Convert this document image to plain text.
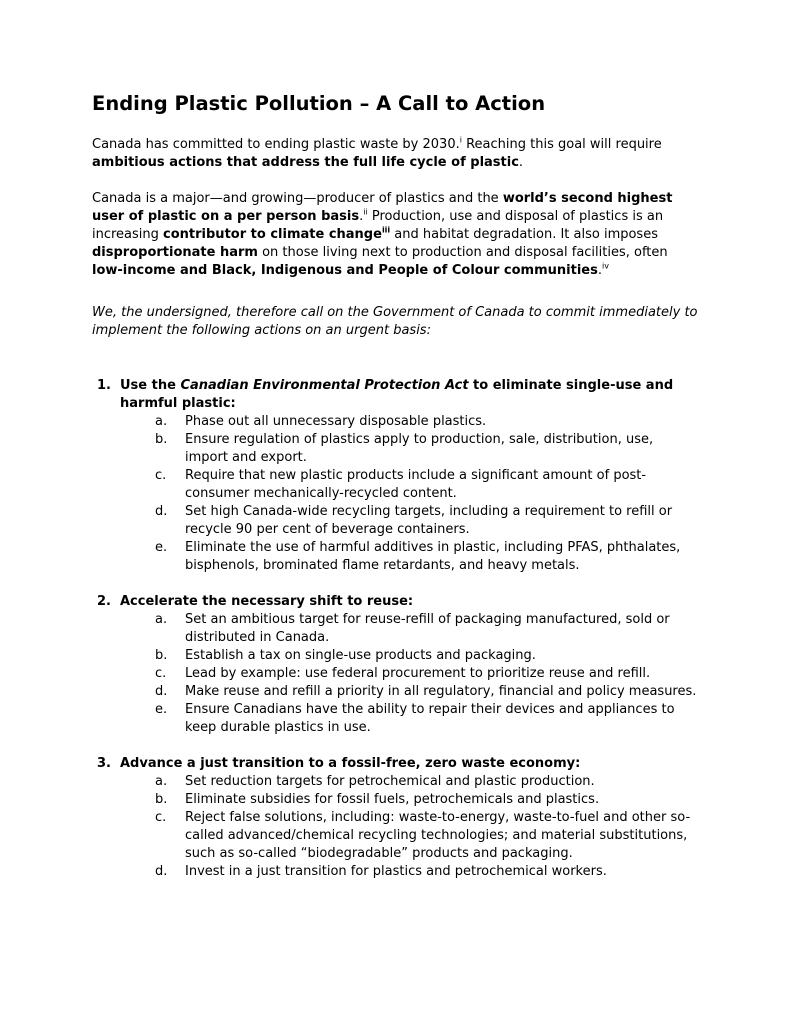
Ending Plastic Pollution – A Call to Action

Canada has committed to ending plastic waste by 2030.$^i$ Reaching this goal will require ambitious actions that address the full life cycle of plastic.

Canada is a major—and growing—producer of plastics and the world’s second highest user of plastic on a per person basis.$^{ii}$ Production, use and disposal of plastics is an increasing contributor to climate change$^{iii}$ and habitat degradation. It also imposes disproportionate harm on those living next to production and disposal facilities, often low-income and Black, Indigenous and People of Colour communities.$^{iv}$

We, the undersigned, therefore call on the Government of Canada to commit immediately to implement the following actions on an urgent basis:

1. Use the Canadian Environmental Protection Act to eliminate single-use and harmful plastic:
a.	Phase out all unnecessary disposable plastics.
b.	Ensure regulation of plastics apply to production, sale, distribution, use, import and export.
c.	Require that new plastic products include a significant amount of post-consumer mechanically-recycled content.
d.	Set high Canada-wide recycling targets, including a requirement to refill or recycle 90 per cent of beverage containers.
e.	Eliminate the use of harmful additives in plastic, including PFAS, phthalates, bisphenols, brominated flame retardants, and heavy metals.
2. Accelerate the necessary shift to reuse:
a.	Set an ambitious target for reuse-refill of packaging manufactured, sold or distributed in Canada.
b.	Establish a tax on single-use products and packaging.
c.	Lead by example: use federal procurement to prioritize reuse and refill.
d.	Make reuse and refill a priority in all regulatory, financial and policy measures.
e.	Ensure Canadians have the ability to repair their devices and appliances to keep durable plastics in use.
3. Advance a just transition to a fossil-free, zero waste economy:
a.	Set reduction targets for petrochemical and plastic production.
b.	Eliminate subsidies for fossil fuels, petrochemicals and plastics.
c.	Reject false solutions, including: waste-to-energy, waste-to-fuel and other so-called advanced/chemical recycling technologies; and material substitutions, such as so-called “biodegradable” products and packaging.
d.	Invest in a just transition for plastics and petrochemical workers.
